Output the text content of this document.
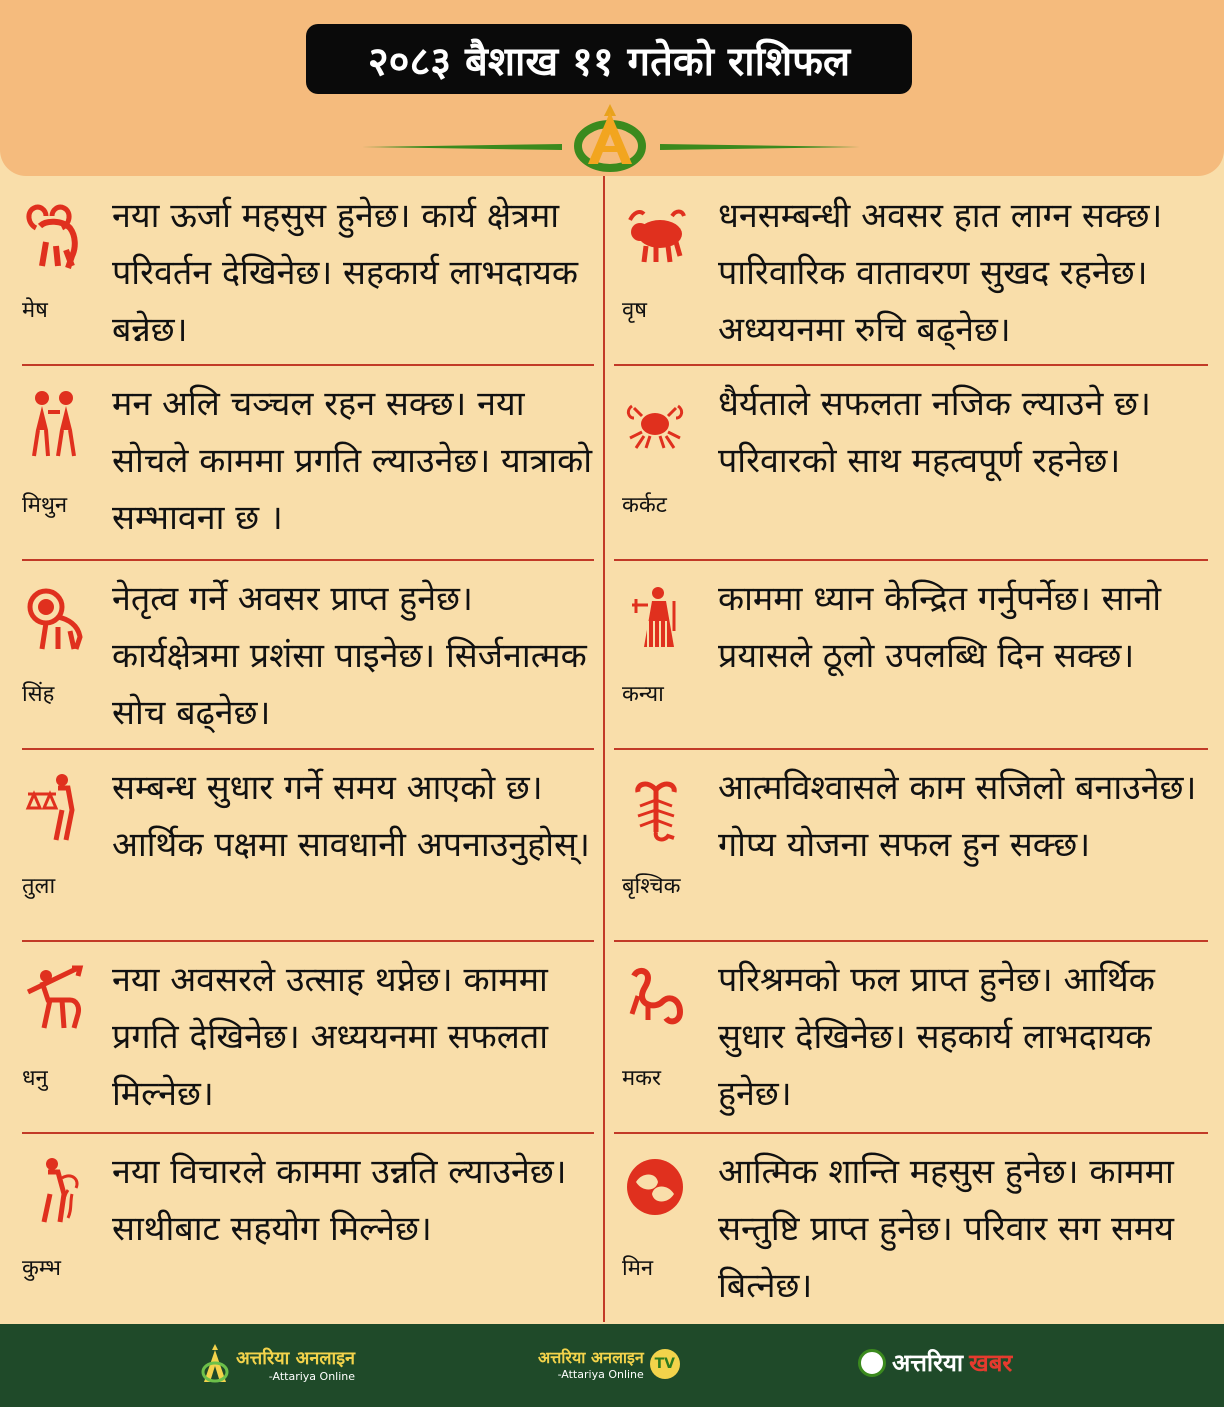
२०८३ बैशाख ११ गतेको राशिफल
मेष
नया ऊर्जा महसुस हुनेछ। कार्य क्षेत्रमा परिवर्तन देखिनेछ। सहकार्य लाभदायक बन्नेछ।	वृष
धनसम्बन्धी अवसर हात लाग्न सक्छ। पारिवारिक वातावरण सुखद रहनेछ। अध्ययनमा रुचि बढ्नेछ।
मिथुन
मन अलि चञ्चल रहन सक्छ। नया सोचले काममा प्रगति ल्याउनेछ। यात्राको सम्भावना छ ।	कर्कट
धैर्यताले सफलता नजिक ल्याउने छ। परिवारको साथ महत्वपूर्ण रहनेछ।
सिंह
नेतृत्व गर्ने अवसर प्राप्त हुनेछ। कार्यक्षेत्रमा प्रशंसा पाइनेछ। सिर्जनात्मक सोच बढ्नेछ।	कन्या
काममा ध्यान केन्द्रित गर्नुपर्नेछ। सानो प्रयासले ठूलो उपलब्धि दिन सक्छ।
तुला
सम्बन्ध सुधार गर्ने समय आएको छ। आर्थिक पक्षमा सावधानी अपनाउनुहोस्।
बृश्चिक
आत्मविश्वासले काम सजिलो बनाउनेछ। गोप्य योजना सफल हुन सक्छ।
धनु
नया अवसरले उत्साह थप्नेछ। काममा प्रगति देखिनेछ। अध्ययनमा सफलता मिल्नेछ।	मकर
परिश्रमको फल प्राप्त हुनेछ। आर्थिक सुधार देखिनेछ। सहकार्य लाभदायक हुनेछ।
कुम्भ
नया विचारले काममा उन्नति ल्याउनेछ। साथीबाट सहयोग मिल्नेछ।
मिन
आत्मिक शान्ति महसुस हुनेछ। काममा सन्तुष्टि प्राप्त हुनेछ। परिवार सग समय बित्नेछ।
अत्तरिया अनलाइन
-Attariya Online
अत्तरिया अनलाइन
-Attariya Online
TV	अत्तरिया खबर
